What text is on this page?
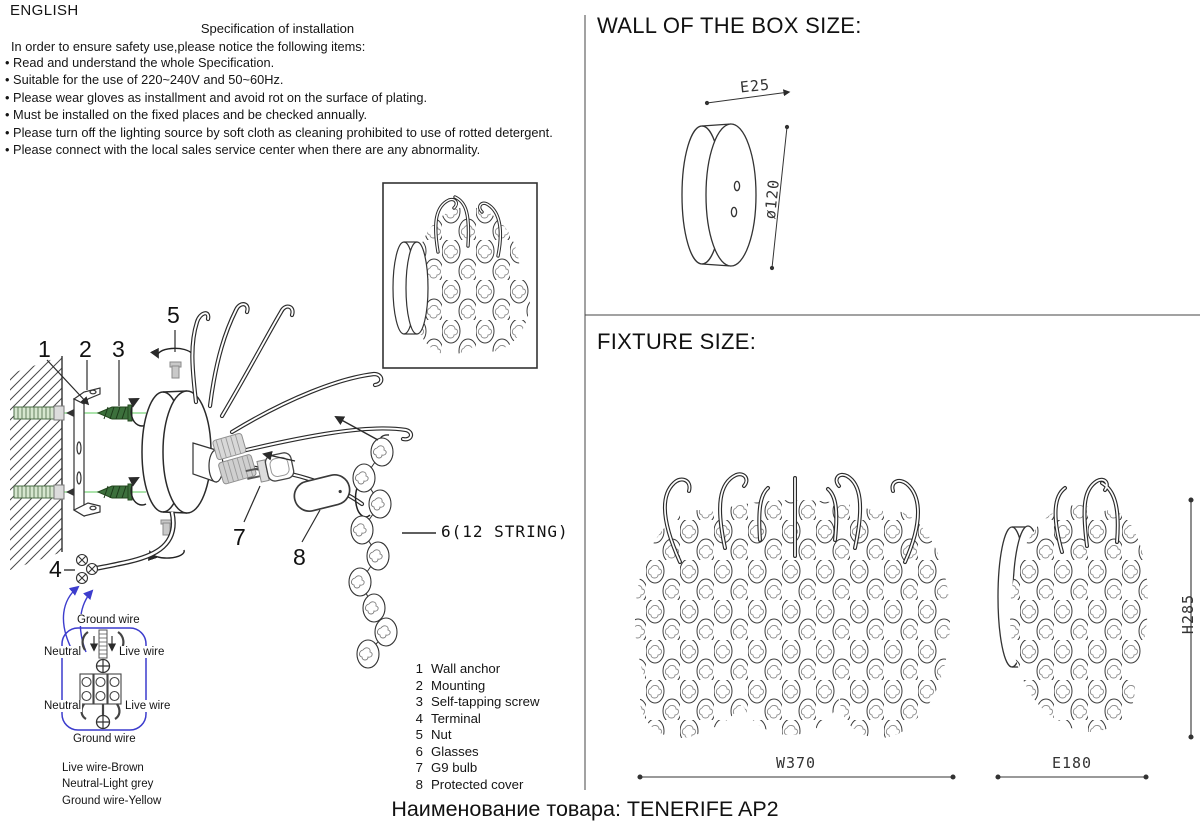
ENGLISH
Specification of installation
In order to ensure safety use,please notice the following items:
• Read and understand the whole Specification.
• Suitable for the use of 220~240V and 50~60Hz.
• Please wear gloves as installment and avoid rot on the surface of plating.
• Must be installed on the fixed places and be checked annually.
• Please turn off the lighting source by soft cloth as cleaning prohibited to use of rotted detergent.
• Please connect with the local sales service center when there are any abnormality.
WALL OF THE BOX SIZE:
FIXTURE SIZE:
E25
ø120
W370	E180
H285
1 2 3
5
4
7
8
6(12 STRING)
Ground wire
Neutral	Live wire
Neutral	Live wire
Ground wire
Live wire-Brown
Neutral-Light grey
Ground wire-Yellow
1 Wall anchor
2 Mounting
3 Self-tapping screw
4 Terminal
5 Nut
6 Glasses
7 G9 bulb
8 Protected cover
Наименование товара: TENERIFE AP2
